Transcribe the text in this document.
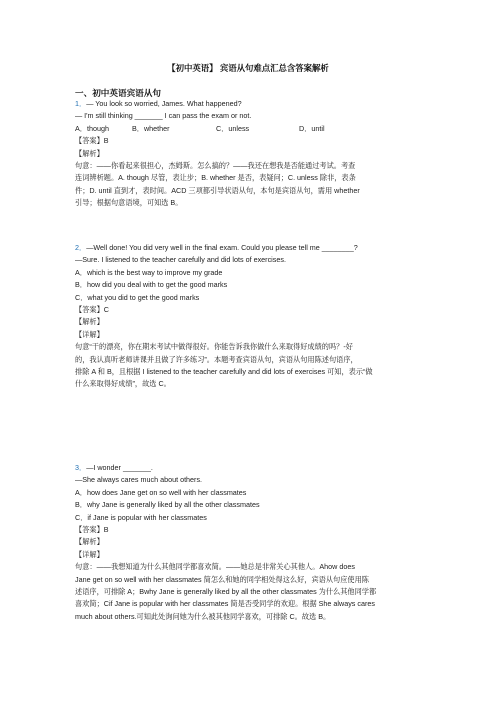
【初中英语】 宾语从句难点汇总含答案解析
一、初中英语宾语从句
1．— You look so worried, James. What happened?
— I'm still thinking _______ I can pass the exam or not.
A．though	B．whether	C．unless	D．until
【答案】B
【解析】
句意：——你看起来很担心，杰姆斯。怎么搞的？——我还在想我是否能通过考试。考查
连词辨析题。A. though 尽管，表让步；B. whether 是否，表疑问；C. unless 除非，表条
件；D. until 直到才，表时间。ACD 三项都引导状语从句，本句是宾语从句，需用 whether
引导；根据句意语境，可知选 B。
2．—Well done! You did very well in the final exam. Could you please tell me ________?
—Sure. I listened to the teacher carefully and did lots of exercises.
A．which is the best way to improve my grade
B．how did you deal with to get the good marks
C．what you did to get the good marks
【答案】C
【解析】
【详解】
句意“干的漂亮，你在期末考试中做得很好。你能告诉我你做什么来取得好成绩的吗？-好
的，我认真听老师讲课并且做了许多练习”。本题考查宾语从句，宾语从句用陈述句语序，
排除 A 和 B，且根据 I listened to the teacher carefully and did lots of exercises 可知，表示“做
什么来取得好成绩”，故选 C。
3．—I wonder _______.
—She always cares much about others.
A．how does Jane get on so well with her classmates
B．why Jane is generally liked by all the other classmates
C．if Jane is popular with her classmates
【答案】B
【解析】
【详解】
句意：——我想知道为什么其他同学都喜欢简。——她总是非常关心其他人。Ahow does
Jane get on so well with her classmates 简怎么和她的同学相处得这么好，宾语从句应使用陈
述语序，可排除 A；Bwhy Jane is generally liked by all the other classmates 为什么其他同学都
喜欢简；Cif Jane is popular with her classmates 简是否受同学的欢迎。根据 She always cares
much about others.可知此处询问她为什么被其他同学喜欢，可排除 C。故选 B。
